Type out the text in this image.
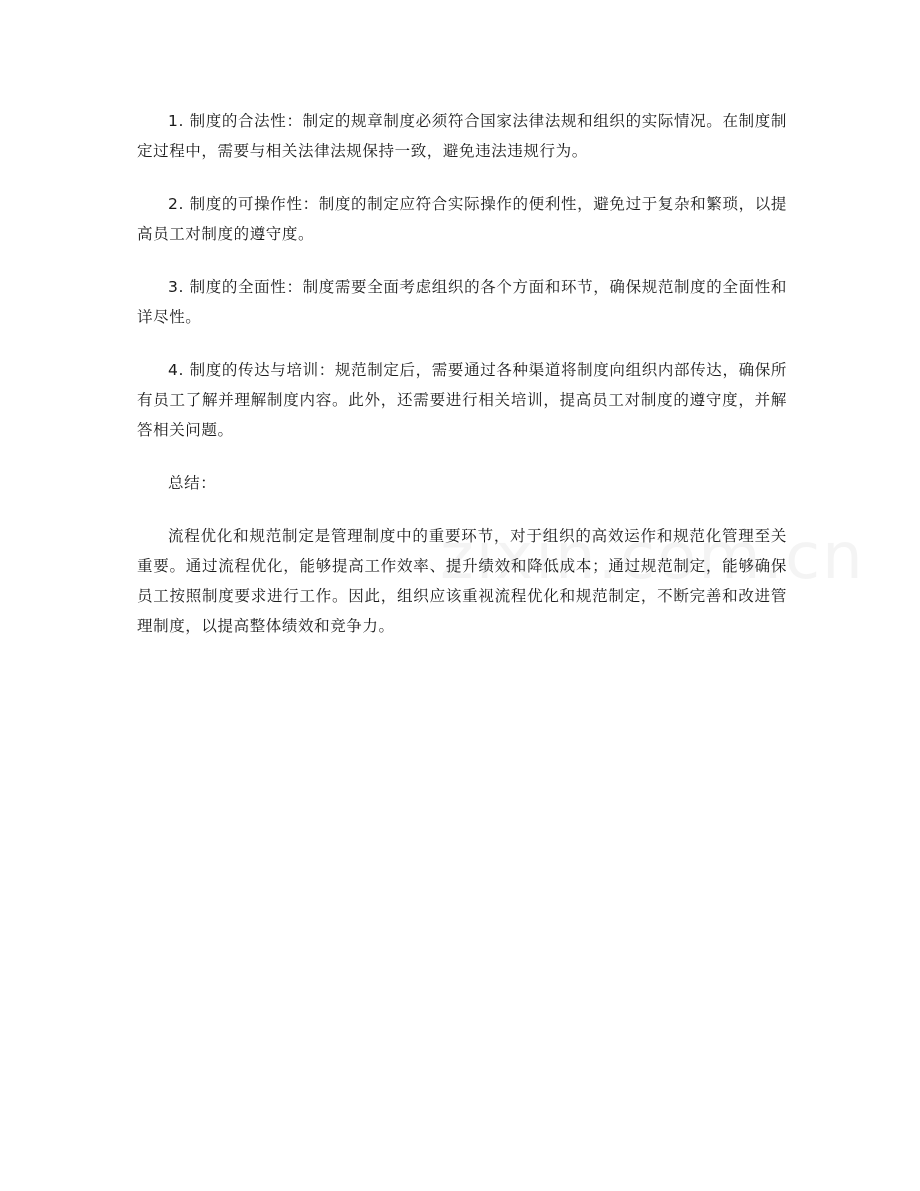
1. 制度的合法性：制定的规章制度必须符合国家法律法规和组织的实际情况。在制度制定过程中，需要与相关法律法规保持一致，避免违法违规行为。

2. 制度的可操作性：制度的制定应符合实际操作的便利性，避免过于复杂和繁琐，以提高员工对制度的遵守度。

3. 制度的全面性：制度需要全面考虑组织的各个方面和环节，确保规范制度的全面性和详尽性。

4. 制度的传达与培训：规范制定后，需要通过各种渠道将制度向组织内部传达，确保所有员工了解并理解制度内容。此外，还需要进行相关培训，提高员工对制度的遵守度，并解答相关问题。

总结：

流程优化和规范制定是管理制度中的重要环节，对于组织的高效运作和规范化管理至关重要。通过流程优化，能够提高工作效率、提升绩效和降低成本；通过规范制定，能够确保员工按照制度要求进行工作。因此，组织应该重视流程优化和规范制定，不断完善和改进管理制度，以提高整体绩效和竞争力。
